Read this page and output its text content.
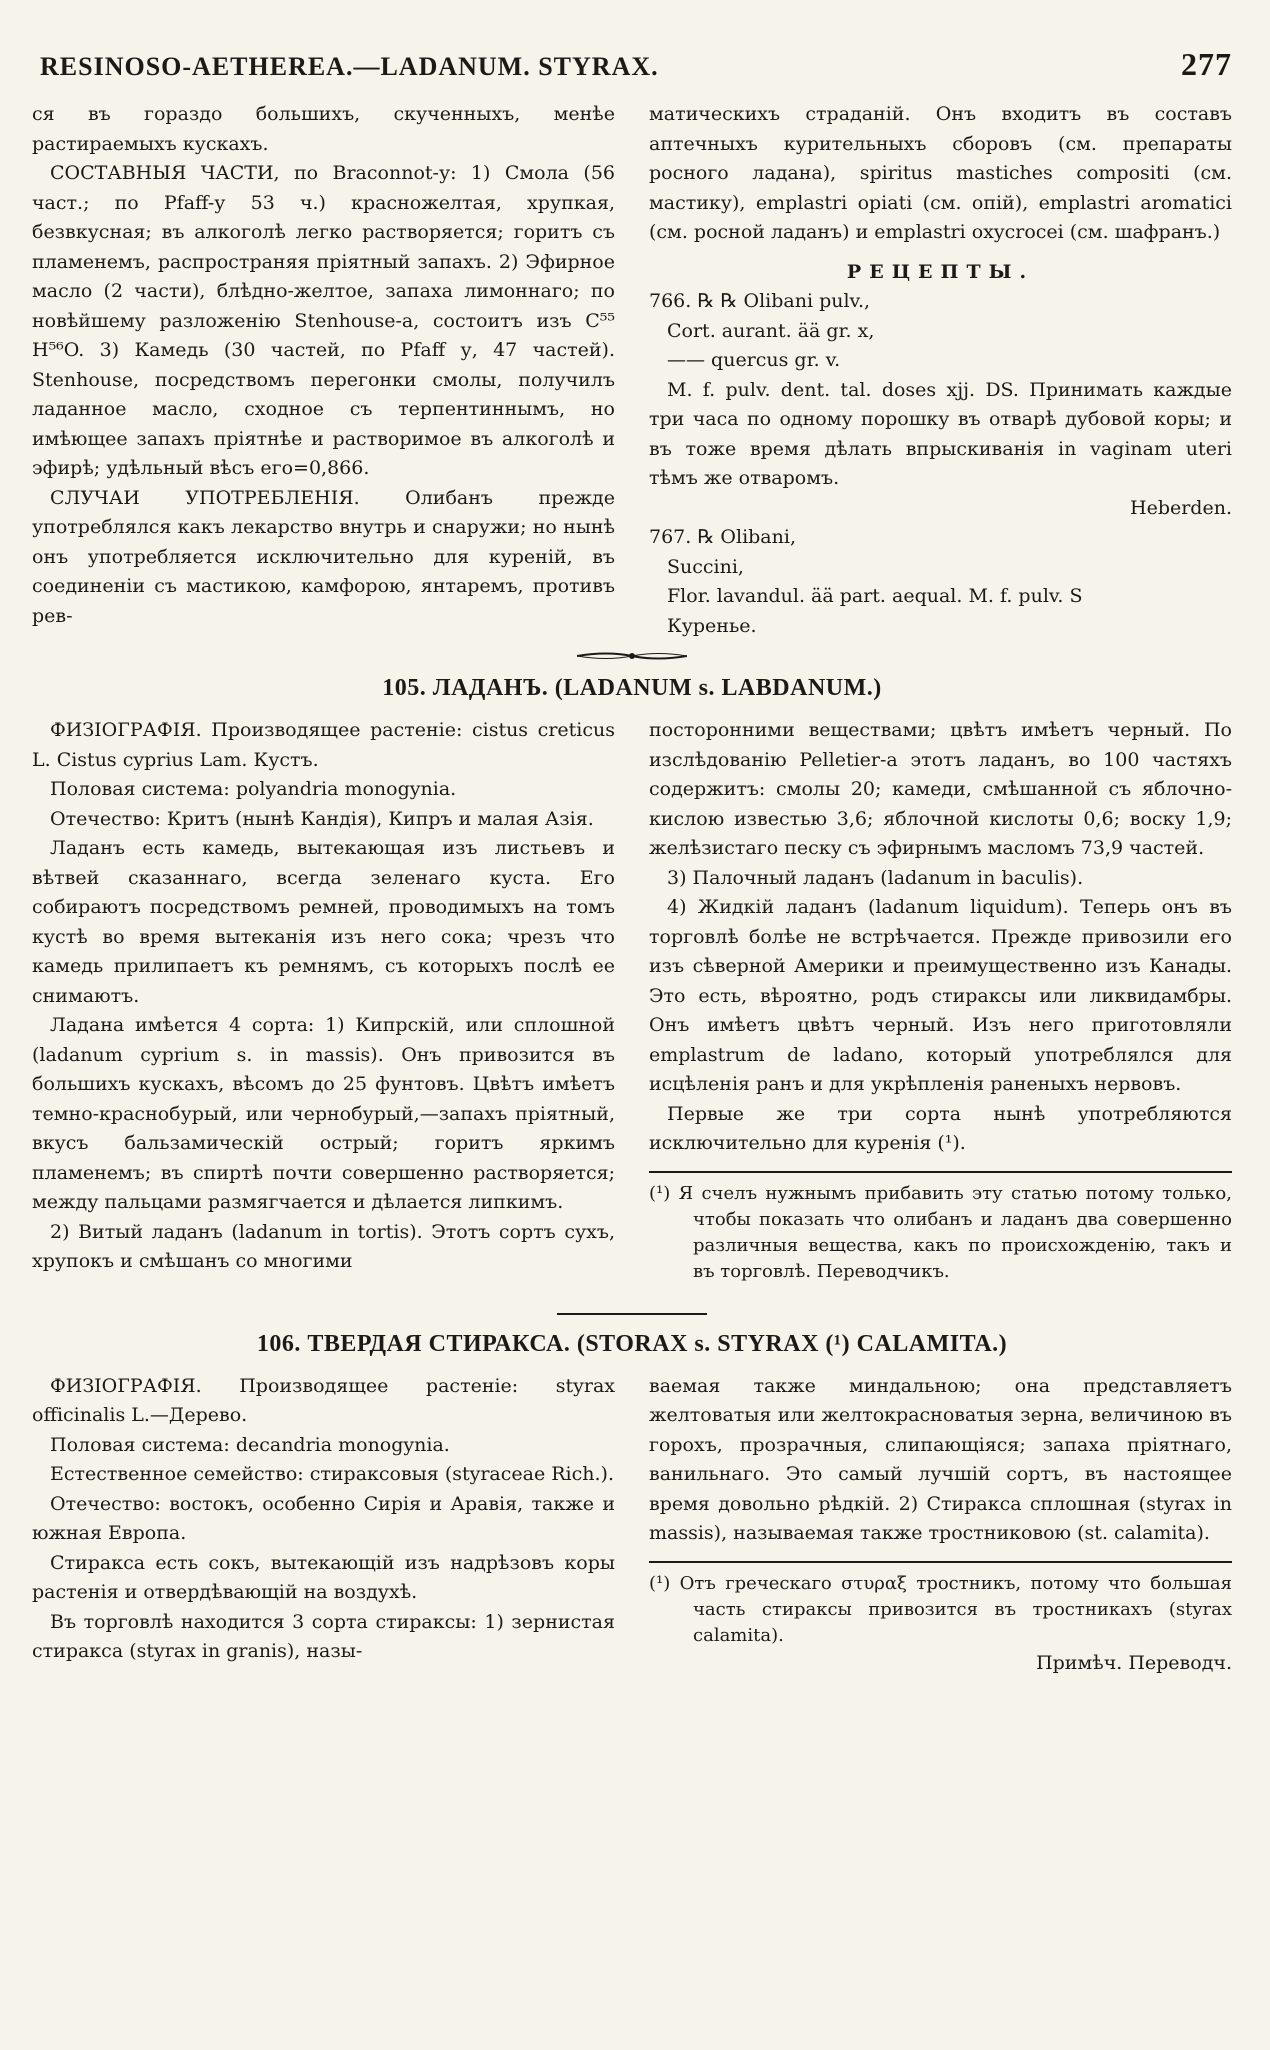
RESINOSO-AETHEREA.—LADANUM. STYRAX.	277

ся въ гораздо большихъ, скученныхъ, менѣе растираемыхъ кускахъ.

СОСТАВНЫЯ ЧАСТИ, по Braconnot-у: 1) Смола (56 част.; по Pfaff-у 53 ч.) красножелтая, хрупкая, безвкусная; въ алкоголѣ легко растворяется; горитъ съ пламенемъ, распространяя пріятный запахъ. 2) Эфирное масло (2 части), блѣдно-желтое, запаха лимоннаго; по новѣйшему разложенію Stenhouse-а, состоитъ изъ C⁵⁵ H⁵⁶O. 3) Камедь (30 частей, по Pfaff у, 47 частей). Stenhouse, посредствомъ перегонки смолы, получилъ ладанное масло, сходное съ терпентиннымъ, но имѣющее запахъ пріятнѣе и растворимое въ алкоголѣ и эфирѣ; удѣльный вѣсъ его=0,866.

СЛУЧАИ УПОТРЕБЛЕНІЯ. Олибанъ прежде употреблялся какъ лекарство внутрь и снаружи; но нынѣ онъ употребляется исключительно для куреній, въ соединеніи съ мастикою, камфорою, янтаремъ, противъ рев-

матическихъ страданій. Онъ входитъ въ составъ аптечныхъ курительныхъ сборовъ (см. препараты росного ладана), spiritus mastiches compositi (см. мастику), emplastri opiati (см. опій), emplastri aromatici (см. росной ладанъ) и emplastri oxycrocei (см. шафранъ.)

РЕЦЕПТЫ.

766. ℞ ℞ Olibani pulv.,

Cort. aurant. ää gr. x,

—— quercus gr. v.

M. f. pulv. dent. tal. doses xjj. DS. Принимать каждые три часа по одному порошку въ отварѣ дубовой коры; и въ тоже время дѣлать впрыскиванія in vaginam uteri тѣмъ же отваромъ.

Heberden.

767. ℞ Olibani,

Succini,

Flor. lavandul. ää part. aequal. M. f. pulv. S

Куренье.

105. ЛАДАНЪ. (LADANUM s. LABDANUM.)

ФИЗІОГРАФІЯ. Производящее растеніе: cistus creticus L. Cistus cyprius Lam. Кустъ.

Половая система: polyandria monogynia.

Отечество: Критъ (нынѣ Кандія), Кипръ и малая Азія.

Ладанъ есть камедь, вытекающая изъ листьевъ и вѣтвей сказаннаго, всегда зеленаго куста. Его собираютъ посредствомъ ремней, проводимыхъ на томъ кустѣ во время вытеканія изъ него сока; чрезъ что камедь прилипаетъ къ ремнямъ, съ которыхъ послѣ ее снимаютъ.

Ладана имѣется 4 сорта: 1) Кипрскій, или сплошной (ladanum cyprium s. in massis). Онъ привозится въ большихъ кускахъ, вѣсомъ до 25 фунтовъ. Цвѣтъ имѣетъ темно-краснобурый, или чернобурый,—запахъ пріятный, вкусъ бальзамическій острый; горитъ яркимъ пламенемъ; въ спиртѣ почти совершенно растворяется; между пальцами размягчается и дѣлается липкимъ.

2) Витый ладанъ (ladanum in tortis). Этотъ сортъ сухъ, хрупокъ и смѣшанъ со многими

посторонними веществами; цвѣтъ имѣетъ черный. По изслѣдованію Pelletier-а этотъ ладанъ, во 100 частяхъ содержитъ: смолы 20; камеди, смѣшанной съ яблочно-кислою известью 3,6; яблочной кислоты 0,6; воску 1,9; желѣзистаго песку съ эфирнымъ масломъ 73,9 частей.

3) Палочный ладанъ (ladanum in baculis).

4) Жидкій ладанъ (ladanum liquidum). Теперь онъ въ торговлѣ болѣе не встрѣчается. Прежде привозили его изъ сѣверной Америки и преимущественно изъ Канады. Это есть, вѣроятно, родъ стираксы или ликвидамбры. Онъ имѣетъ цвѣтъ черный. Изъ него приготовляли emplastrum de ladano, который употреблялся для исцѣленія ранъ и для укрѣпленія раненыхъ нервовъ.

Первые же три сорта нынѣ употребляются исключительно для куренія (¹).

(¹) Я счелъ нужнымъ прибавить эту статью потому только, чтобы показать что олибанъ и ладанъ два совершенно различныя вещества, какъ по происхожденію, такъ и въ торговлѣ. Переводчикъ.
106. ТВЕРДАЯ СТИРАКСА. (STORAX s. STYRAX (¹) CALAMITA.)

ФИЗІОГРАФІЯ. Производящее растеніе: styrax officinalis L.—Дерево.

Половая система: decandria monogynia.

Естественное семейство: стираксовыя (styraceae Rich.).

Отечество: востокъ, особенно Сирія и Аравія, также и южная Европа.

Стиракса есть сокъ, вытекающій изъ надрѣзовъ коры растенія и отвердѣвающій на воздухѣ.

Въ торговлѣ находится 3 сорта стираксы: 1) зернистая стиракса (styrax in granis), назы-

ваемая также миндальною; она представляетъ желтоватыя или желтокрасноватыя зерна, величиною въ горохъ, прозрачныя, слипающіяся; запаха пріятнаго, ванильнаго. Это самый лучшій сортъ, въ настоящее время довольно рѣдкій. 2) Стиракса сплошная (styrax in massis), называемая также тростниковою (st. calamita).

(¹) Отъ греческаго στυραξ тростникъ, потому что большая часть стираксы привозится въ тростникахъ (styrax calamita).

Примѣч. Переводч.
